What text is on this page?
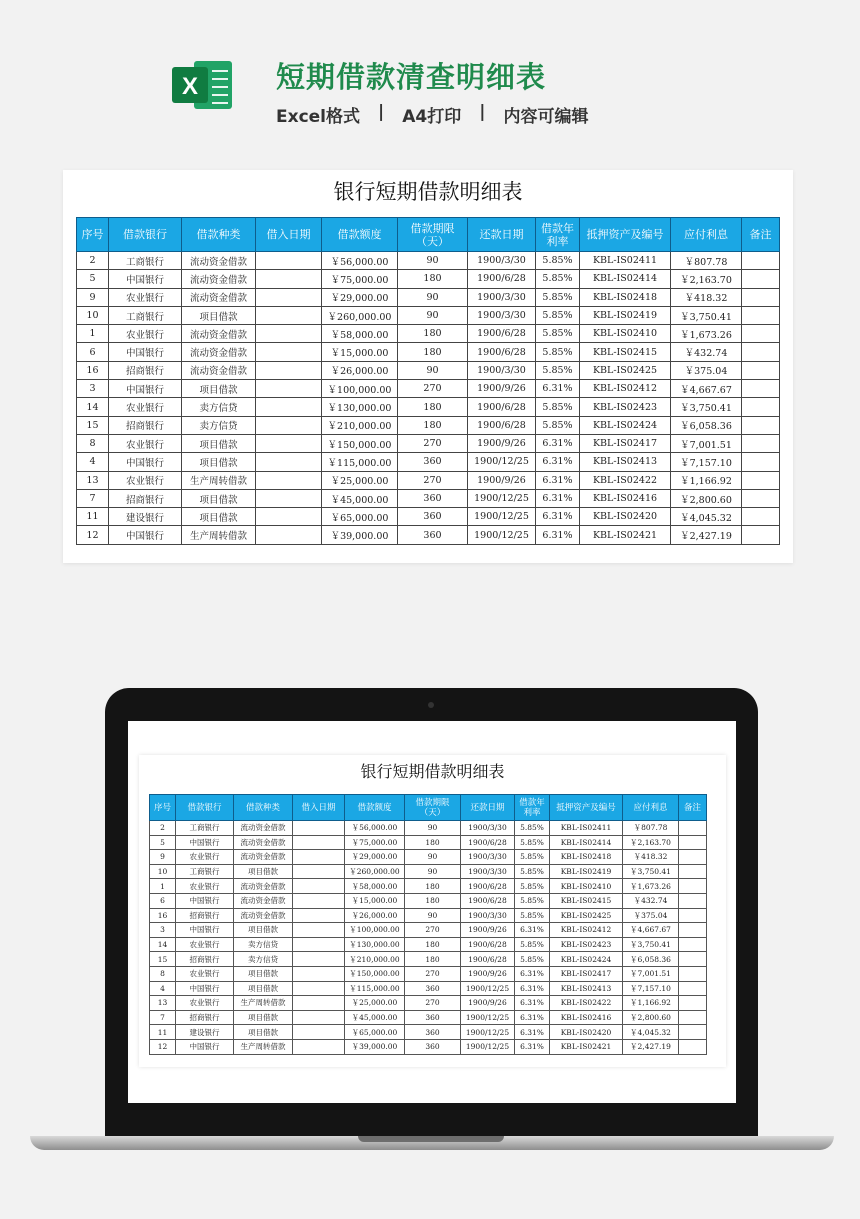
X	短期借款清查明细表
Excel格式 | A4打印 | 内容可编辑
银行短期借款明细表
序号	借款银行	借款种类	借入日期	借款额度	借款期限（天）	还款日期	借款年利率	抵押资产及编号	应付利息	备注
2	工商银行	流动资金借款		￥56,000.00	90	1900/3/30	5.85%	KBL-IS02411	￥807.78	
5	中国银行	流动资金借款		￥75,000.00	180	1900/6/28	5.85%	KBL-IS02414	￥2,163.70	
9	农业银行	流动资金借款		￥29,000.00	90	1900/3/30	5.85%	KBL-IS02418	￥418.32	
10	工商银行	项目借款		￥260,000.00	90	1900/3/30	5.85%	KBL-IS02419	￥3,750.41	
1	农业银行	流动资金借款		￥58,000.00	180	1900/6/28	5.85%	KBL-IS02410	￥1,673.26	
6	中国银行	流动资金借款		￥15,000.00	180	1900/6/28	5.85%	KBL-IS02415	￥432.74	
16	招商银行	流动资金借款		￥26,000.00	90	1900/3/30	5.85%	KBL-IS02425	￥375.04	
3	中国银行	项目借款		￥100,000.00	270	1900/9/26	6.31%	KBL-IS02412	￥4,667.67	
14	农业银行	卖方信贷		￥130,000.00	180	1900/6/28	5.85%	KBL-IS02423	￥3,750.41	
15	招商银行	卖方信贷		￥210,000.00	180	1900/6/28	5.85%	KBL-IS02424	￥6,058.36	
8	农业银行	项目借款		￥150,000.00	270	1900/9/26	6.31%	KBL-IS02417	￥7,001.51	
4	中国银行	项目借款		￥115,000.00	360	1900/12/25	6.31%	KBL-IS02413	￥7,157.10	
13	农业银行	生产周转借款		￥25,000.00	270	1900/9/26	6.31%	KBL-IS02422	￥1,166.92	
7	招商银行	项目借款		￥45,000.00	360	1900/12/25	6.31%	KBL-IS02416	￥2,800.60	
11	建设银行	项目借款		￥65,000.00	360	1900/12/25	6.31%	KBL-IS02420	￥4,045.32	
12	中国银行	生产周转借款		￥39,000.00	360	1900/12/25	6.31%	KBL-IS02421	￥2,427.19	
银行短期借款明细表
序号	借款银行	借款种类	借入日期	借款额度	借款期限（天）	还款日期	借款年利率	抵押资产及编号	应付利息	备注
2	工商银行	流动资金借款		￥56,000.00	90	1900/3/30	5.85%	KBL-IS02411	￥807.78	
5	中国银行	流动资金借款		￥75,000.00	180	1900/6/28	5.85%	KBL-IS02414	￥2,163.70	
9	农业银行	流动资金借款		￥29,000.00	90	1900/3/30	5.85%	KBL-IS02418	￥418.32	
10	工商银行	项目借款		￥260,000.00	90	1900/3/30	5.85%	KBL-IS02419	￥3,750.41	
1	农业银行	流动资金借款		￥58,000.00	180	1900/6/28	5.85%	KBL-IS02410	￥1,673.26	
6	中国银行	流动资金借款		￥15,000.00	180	1900/6/28	5.85%	KBL-IS02415	￥432.74	
16	招商银行	流动资金借款		￥26,000.00	90	1900/3/30	5.85%	KBL-IS02425	￥375.04	
3	中国银行	项目借款		￥100,000.00	270	1900/9/26	6.31%	KBL-IS02412	￥4,667.67	
14	农业银行	卖方信贷		￥130,000.00	180	1900/6/28	5.85%	KBL-IS02423	￥3,750.41	
15	招商银行	卖方信贷		￥210,000.00	180	1900/6/28	5.85%	KBL-IS02424	￥6,058.36	
8	农业银行	项目借款		￥150,000.00	270	1900/9/26	6.31%	KBL-IS02417	￥7,001.51	
4	中国银行	项目借款		￥115,000.00	360	1900/12/25	6.31%	KBL-IS02413	￥7,157.10	
13	农业银行	生产周转借款		￥25,000.00	270	1900/9/26	6.31%	KBL-IS02422	￥1,166.92	
7	招商银行	项目借款		￥45,000.00	360	1900/12/25	6.31%	KBL-IS02416	￥2,800.60	
11	建设银行	项目借款		￥65,000.00	360	1900/12/25	6.31%	KBL-IS02420	￥4,045.32	
12	中国银行	生产周转借款		￥39,000.00	360	1900/12/25	6.31%	KBL-IS02421	￥2,427.19	
